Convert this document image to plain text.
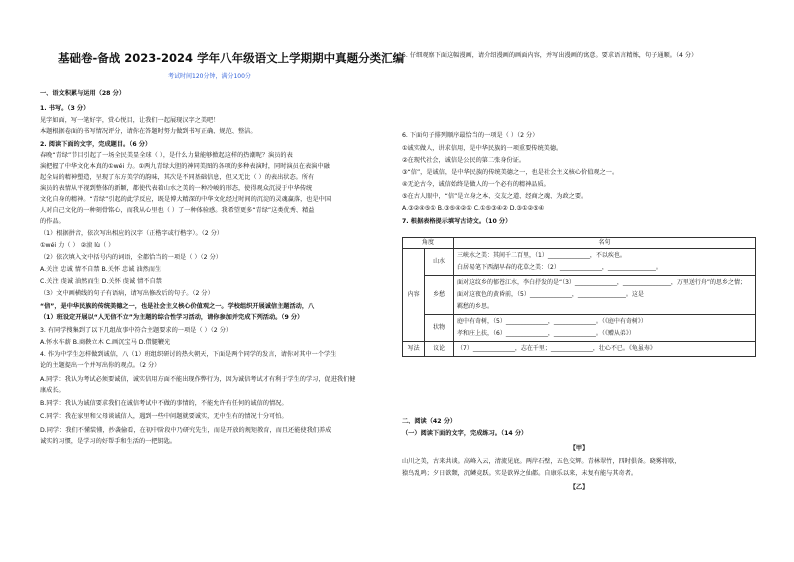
基础卷-备战 2023-2024 学年八年级语文上学期期中真题分类汇编
考试时间120分钟，满分100分
一、语文积累与运用（28 分）
1. 书写。（3 分）
见字如面，写一笔好字，赏心悦目，让我们一起展现汉字之美吧！
本题根据卷面的书写情况评分，请你在答题时努力做到书写正确、规范、整洁。
2. 阅读下面的文字，完成题目。（6 分）
春晚“青绿”节目引起了一场全民美显全球（ ），是什么力量能够掀起这样的热潮呢？演员的表
演把握了中华文化本真的①wéi 力。①两九青绿大胆的神同美图的各项的多种表演时，同时演员在表演中融
起全局的精神塑造，呈现了东方美学的韵味，其次是不同基础信息，但又无比（ ）的表出状态。所有
演员的表情从平视到整体的新颖，都使代表着山水之美的一种冷峻的形态，使得观众沉浸于中华传统
文化自身的精神。“青绿”引起的此学反应，既是博大精深的中华文化经过时间的沉淀的灵魂赢落，也是中国
人对自己文化的一种刻骨铭心，而我从心里也（ ）了一种体验感。我希望更多“青绿”这类优秀、精益
的作品。
（1）根据拼音，依次写出相应的汉字（正楷字或行楷字）。（2 分）
①wéi 力（ ） ②滚 lù（ ）
（2）依次填入文中括号内的词语，全都恰当的一项是（ ）（2 分）
A.关注 忠诚 情不自禁 B.关怀 忠诚 油然而生
C.关注 虔诚 油然而生 D.关怀 虔诚 情不自禁
（3）文中画横线的句子有语病，请写出修改后的句子。（2 分）
“信”，是中华民族的传统美德之一，也是社会主义核心价值观之一。学校组织开展诚信主题活动，八
（1）班设定开展以“人无信不立”为主题的综合性学习活动，请你参加并完成下列活动。（9 分）
3. 有同学搜集到了以下几组故事中符合主题要求的一项是（ ）（2 分）
A.怀水车薪 B.商鞅立木 C.画沉宝马 D.借腿鞭光
4. 作为中学生怎样做到诚信，八（1）班组织研讨的热火朝天，下面是两个同学的发言，请你对其中一个学生
论的主题提出一个并写出你的观点。（2 分）
A.同学：我认为考试必须要诚信，诚实信用方面不能出现作弊行为，因为诚信考试才有利于学生的学习，促进我们健
康成长。
B.同学：我认为诚信要求我们在诚信考试中不做的事情的，不能允许有任何的诚信的情况。
C.同学：我在家里和父母谈诚信人，遇到一些中问题就要诚实，无中生有的情况十分可怕。
D.同学：我们不懂装懂，抄袭偷看，在初中阶段中乃研究先生，而是开放的规矩教育，而且还能使我们养成
诚实的习惯，是学习的好帮手和生活的一把钥匙。
5. 仔细观察下面这幅漫画，请介绍漫画的画面内容，并写出漫画的寓意。要求语言精炼，句子通顺。（4 分）
6. 下面句子排列顺序最恰当的一项是（ ）（2 分）
①诚实做人，讲求信用，是中华民族的一项重要传统美德。
②在现代社会，诚信是公民的第二张身份证。
③“信”，是诚信，是中华民族的传统美德之一，也是社会主义核心价值观之一。
④无论古今，诚信始终是做人的一个必有的精神品质。
⑤在古人眼中，“信”是立身之本、交友之道、经商之魂、为政之要。
A.③②④⑤① B.③⑤④②① C.①⑤③④② D.③①②⑤④
7. 根据表格提示填写古诗文。（10 分）
二、阅读（42 分）
（一）阅读下面的文字，完成练习。（14 分）
【甲】
山川之美，古来共谈。高峰入云，清流见底。两岸石壁，五色交辉。青林翠竹，四时俱备。晓雾将歇，
猿鸟乱鸣；夕日欲颓，沉鳞竞跃。实是欲界之仙都。自康乐以来，未复有能与其奇者。
【乙】
角度		名句
内容	山水	三峡水之美：其间千二百里，（1）______________，不以疾也。
白居易笔下西湖早春的花草之美：（2）______________，________________。

	乡愁	面对这纹乡的郁苍江水，李白抒发的是“（3）______________，________________，万里送行舟”的思乡之情；
面对这夜色的黄昏前，（5）______________，________________。这是
羁愁的乡思。

	状物	庭中有奇树，（5）______________，______________。（《庭中有奇树》）
孝和庄上扶，（6）______________，______________。（《赠从弟》）

写法	议论	（7）______________，志在千里；______________，壮心不已。《龟虽寿》
